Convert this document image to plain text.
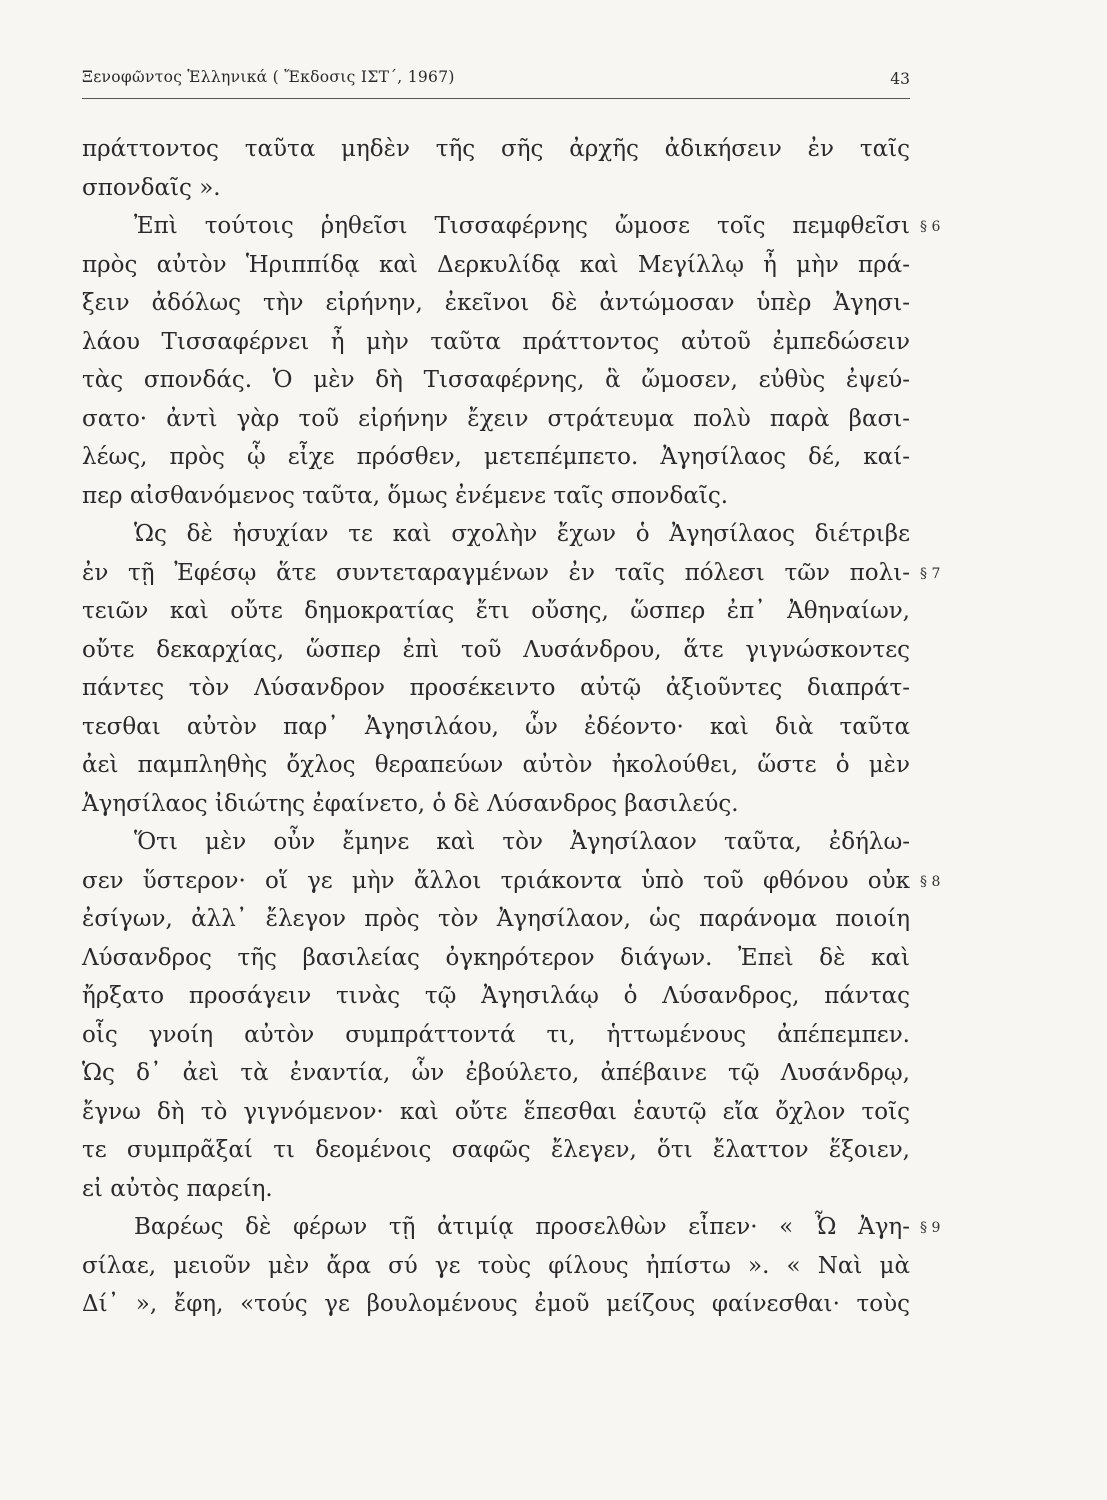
Ξενοφῶντος Ἑλληνικά ( Ἔκδοσις ΙΣΤ΄, 1967)	43
πράττοντος ταῦτα μηδὲν τῆς σῆς ἀρχῆς ἀδικήσειν ἐν ταῖς
σπονδαῖς ».
Ἐπὶ τούτοις ῥηθεῖσι Τισσαφέρνης ὤμοσε τοῖς πεμφθεῖσι
πρὸς αὐτὸν Ἡριππίδᾳ καὶ Δερκυλίδᾳ καὶ Μεγίλλῳ ἦ μὴν πρά-
ξειν ἀδόλως τὴν εἰρήνην, ἐκεῖνοι δὲ ἀντώμοσαν ὑπὲρ Ἀγησι-
λάου Τισσαφέρνει ἦ μὴν ταῦτα πράττοντος αὐτοῦ ἐμπεδώσειν
τὰς σπονδάς. Ὁ μὲν δὴ Τισσαφέρνης, ἃ ὤμοσεν, εὐθὺς ἐψεύ-
σατο· ἀντὶ γὰρ τοῦ εἰρήνην ἔχειν στράτευμα πολὺ παρὰ βασι-
λέως, πρὸς ᾧ εἶχε πρόσθεν, μετεπέμπετο. Ἀγησίλαος δέ, καί-
περ αἰσθανόμενος ταῦτα, ὅμως ἐνέμενε ταῖς σπονδαῖς.
Ὡς δὲ ἡσυχίαν τε καὶ σχολὴν ἔχων ὁ Ἀγησίλαος διέτριβε
ἐν τῇ Ἐφέσῳ ἅτε συντεταραγμένων ἐν ταῖς πόλεσι τῶν πολι-
τειῶν καὶ οὔτε δημοκρατίας ἔτι οὔσης, ὥσπερ ἐπ᾽ Ἀθηναίων,
οὔτε δεκαρχίας, ὥσπερ ἐπὶ τοῦ Λυσάνδρου, ἅτε γιγνώσκοντες
πάντες τὸν Λύσανδρον προσέκειντο αὐτῷ ἀξιοῦντες διαπράτ-
τεσθαι αὐτὸν παρ᾽ Ἀγησιλάου, ὧν ἐδέοντο· καὶ διὰ ταῦτα
ἀεὶ παμπληθὴς ὄχλος θεραπεύων αὐτὸν ἠκολούθει, ὥστε ὁ μὲν
Ἀγησίλαος ἰδιώτης ἐφαίνετο, ὁ δὲ Λύσανδρος βασιλεύς.
Ὅτι μὲν οὖν ἔμηνε καὶ τὸν Ἀγησίλαον ταῦτα, ἐδήλω-
σεν ὕστερον· οἵ γε μὴν ἄλλοι τριάκοντα ὑπὸ τοῦ φθόνου οὐκ
ἐσίγων, ἀλλ᾽ ἔλεγον πρὸς τὸν Ἀγησίλαον, ὡς παράνομα ποιοίη
Λύσανδρος τῆς βασιλείας ὀγκηρότερον διάγων. Ἐπεὶ δὲ καὶ
ἤρξατο προσάγειν τινὰς τῷ Ἀγησιλάῳ ὁ Λύσανδρος, πάντας
οἷς γνοίη αὐτὸν συμπράττοντά τι, ἡττωμένους ἀπέπεμπεν.
Ὡς δ᾽ ἀεὶ τὰ ἐναντία, ὧν ἐβούλετο, ἀπέβαινε τῷ Λυσάνδρῳ,
ἔγνω δὴ τὸ γιγνόμενον· καὶ οὔτε ἕπεσθαι ἑαυτῷ εἴα ὄχλον τοῖς
τε συμπρᾶξαί τι δεομένοις σαφῶς ἔλεγεν, ὅτι ἔλαττον ἕξοιεν,
εἰ αὐτὸς παρείη.
Βαρέως δὲ φέρων τῇ ἀτιμίᾳ προσελθὼν εἶπεν· « Ὦ Ἀγη-
σίλαε, μειοῦν μὲν ἄρα σύ γε τοὺς φίλους ἠπίστω ». « Ναὶ μὰ
Δί᾽ », ἔφη, «τούς γε βουλομένους ἐμοῦ μείζους φαίνεσθαι· τοὺς
§ 6
§ 7
§ 8
§ 9
